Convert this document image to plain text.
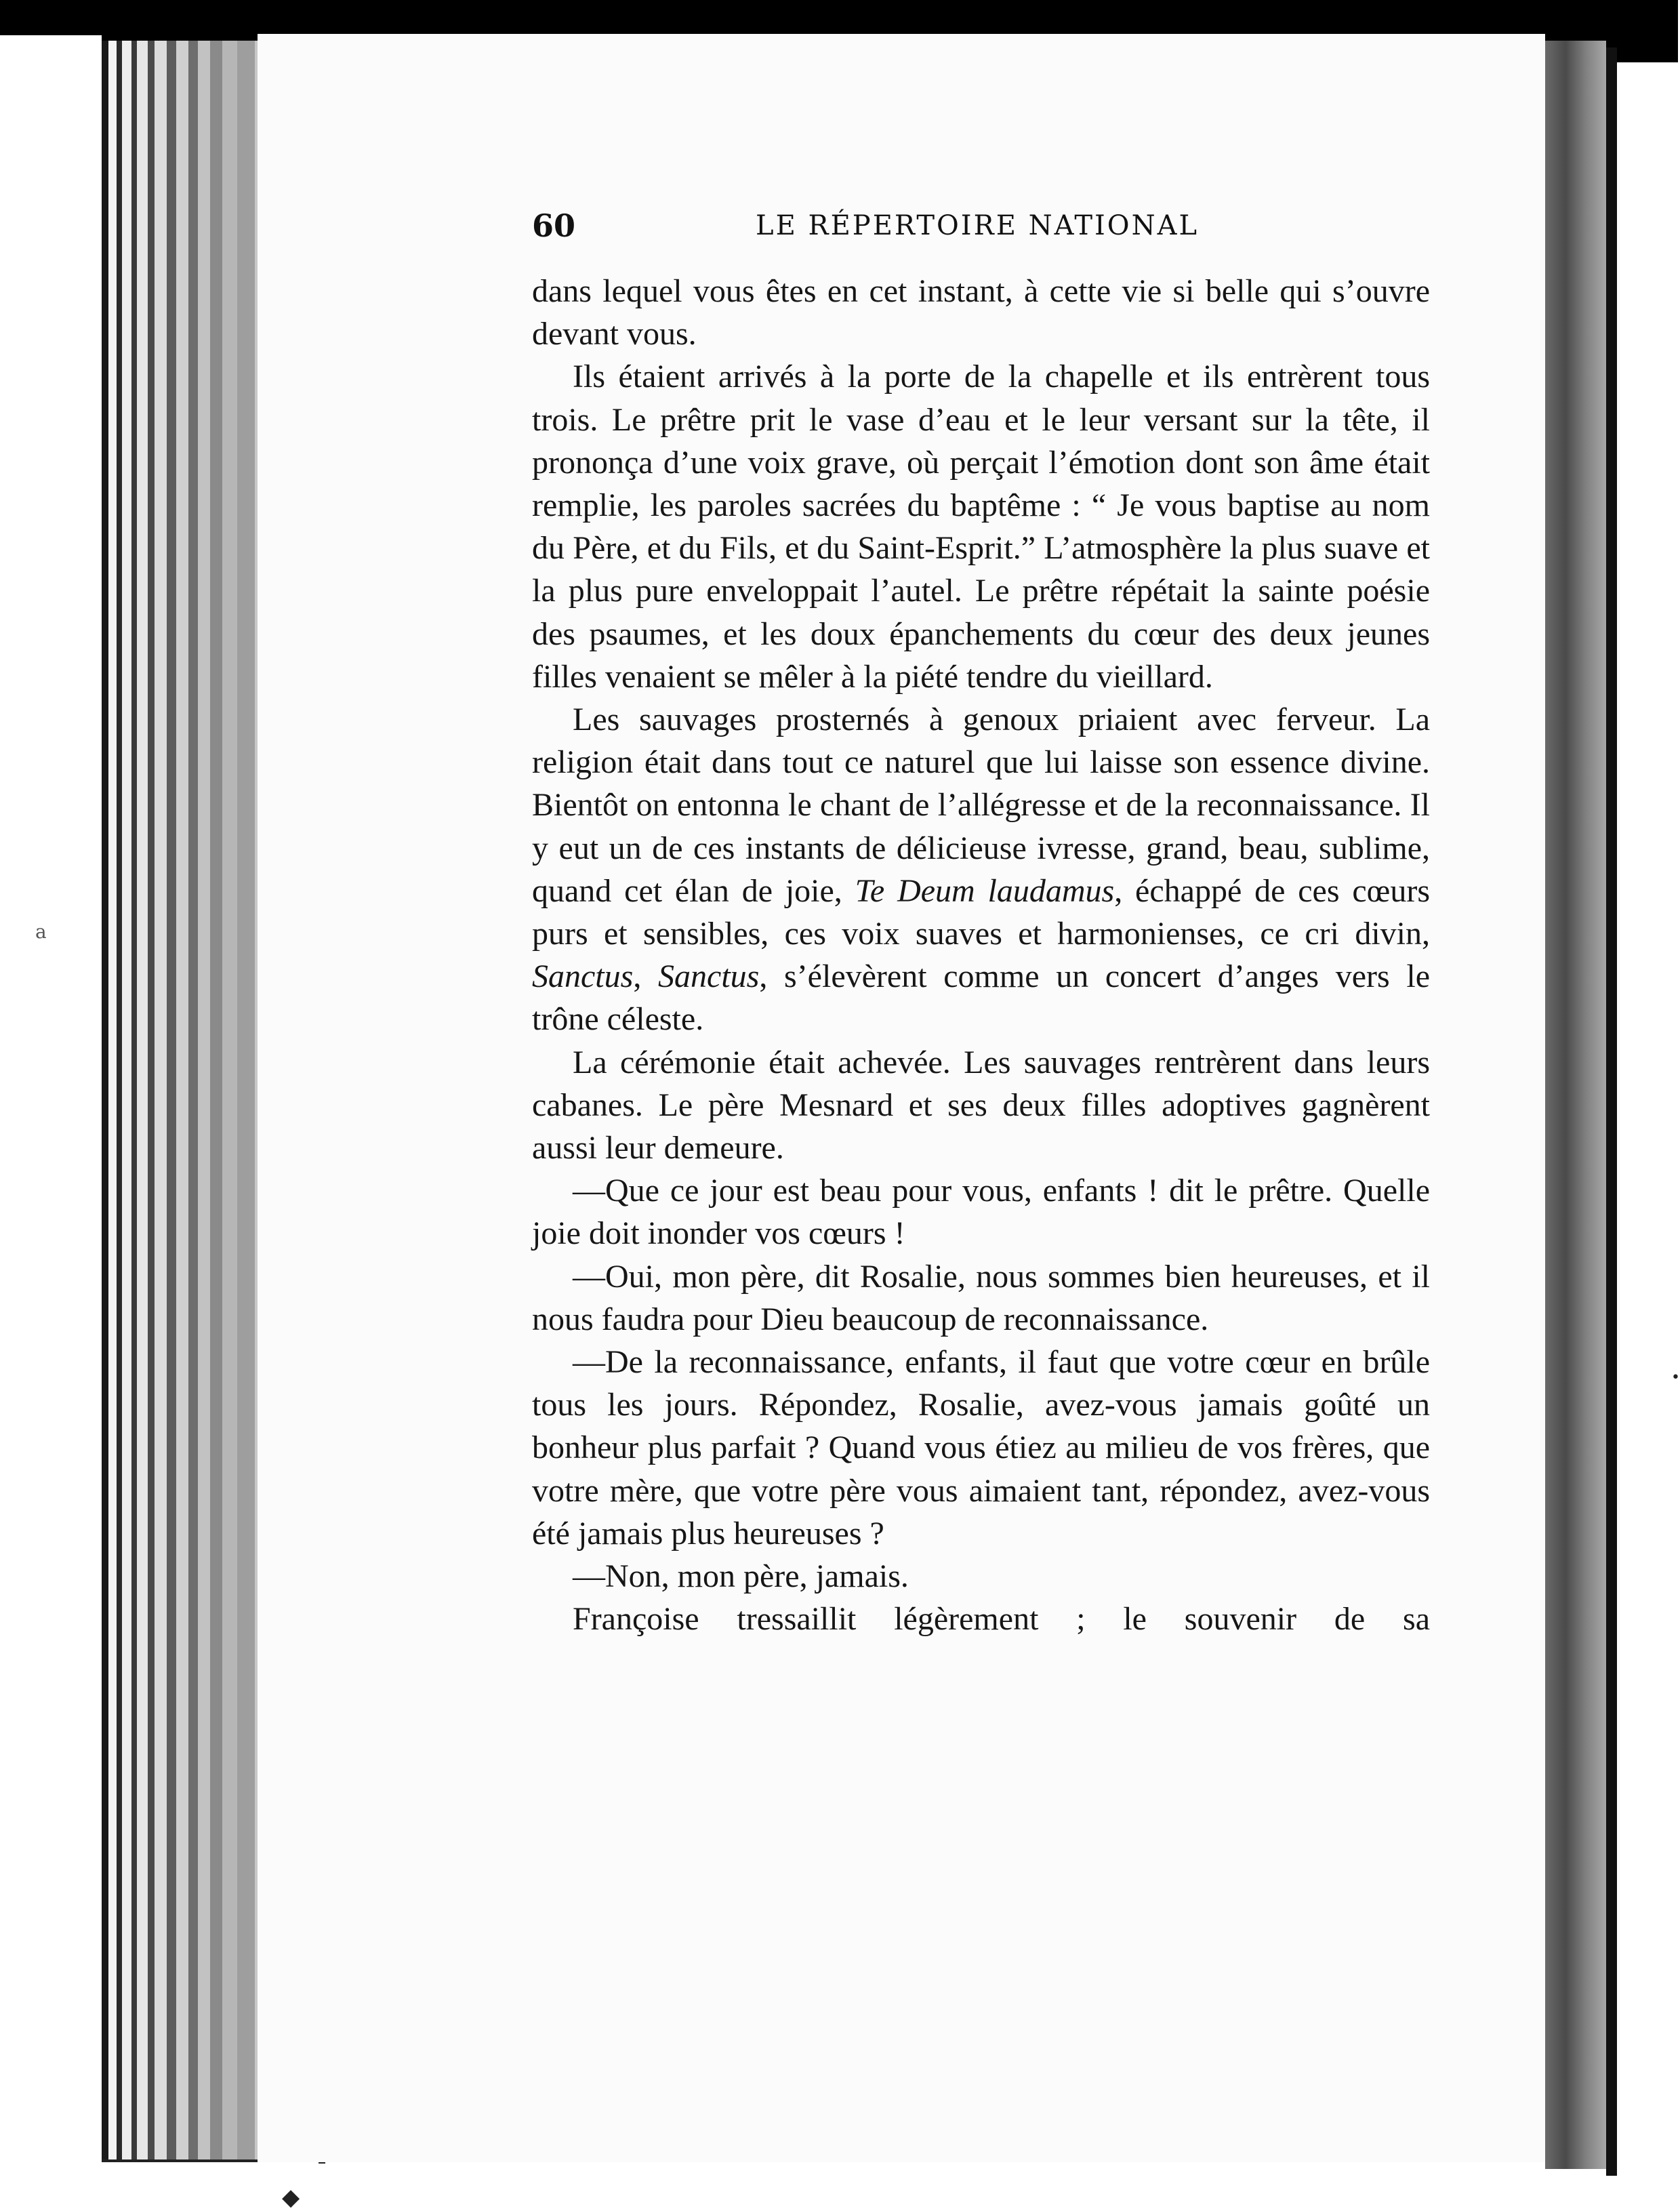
a
•
◆
60	LE RÉPERTOIRE NATIONAL

dans lequel vous êtes en cet instant, à cette vie si belle qui s’ouvre devant vous.

Ils étaient arrivés à la porte de la chapelle et ils entrèrent tous trois. Le prêtre prit le vase d’eau et le leur versant sur la tête, il prononça d’une voix grave, où perçait l’émotion dont son âme était remplie, les paroles sacrées du baptême : “ Je vous baptise au nom du Père, et du Fils, et du Saint-Esprit.” L’atmosphère la plus suave et la plus pure enveloppait l’autel. Le prêtre répétait la sainte poésie des psaumes, et les doux épanchements du cœur des deux jeunes filles venaient se mêler à la piété tendre du vieillard.

Les sauvages prosternés à genoux priaient avec ferveur. La religion était dans tout ce naturel que lui laisse son essence divine. Bientôt on entonna le chant de l’allégresse et de la reconnaissance. Il y eut un de ces instants de délicieuse ivresse, grand, beau, sublime, quand cet élan de joie, Te Deum laudamus, échappé de ces cœurs purs et sensibles, ces voix suaves et harmonienses, ce cri divin, Sanctus, Sanctus, s’élevèrent comme un concert d’anges vers le trône céleste.

La cérémonie était achevée. Les sauvages rentrèrent dans leurs cabanes. Le père Mesnard et ses deux filles adoptives gagnèrent aussi leur demeure.

—Que ce jour est beau pour vous, enfants ! dit le prêtre. Quelle joie doit inonder vos cœurs !

—Oui, mon père, dit Rosalie, nous sommes bien heureuses, et il nous faudra pour Dieu beaucoup de reconnaissance.

—De la reconnaissance, enfants, il faut que votre cœur en brûle tous les jours. Répondez, Rosalie, avez-vous jamais goûté un bonheur plus parfait ? Quand vous étiez au milieu de vos frères, que votre mère, que votre père vous aimaient tant, répondez, avez-vous été jamais plus heureuses ?

—Non, mon père, jamais.

Françoise tressaillit légèrement ; le souvenir de sa
